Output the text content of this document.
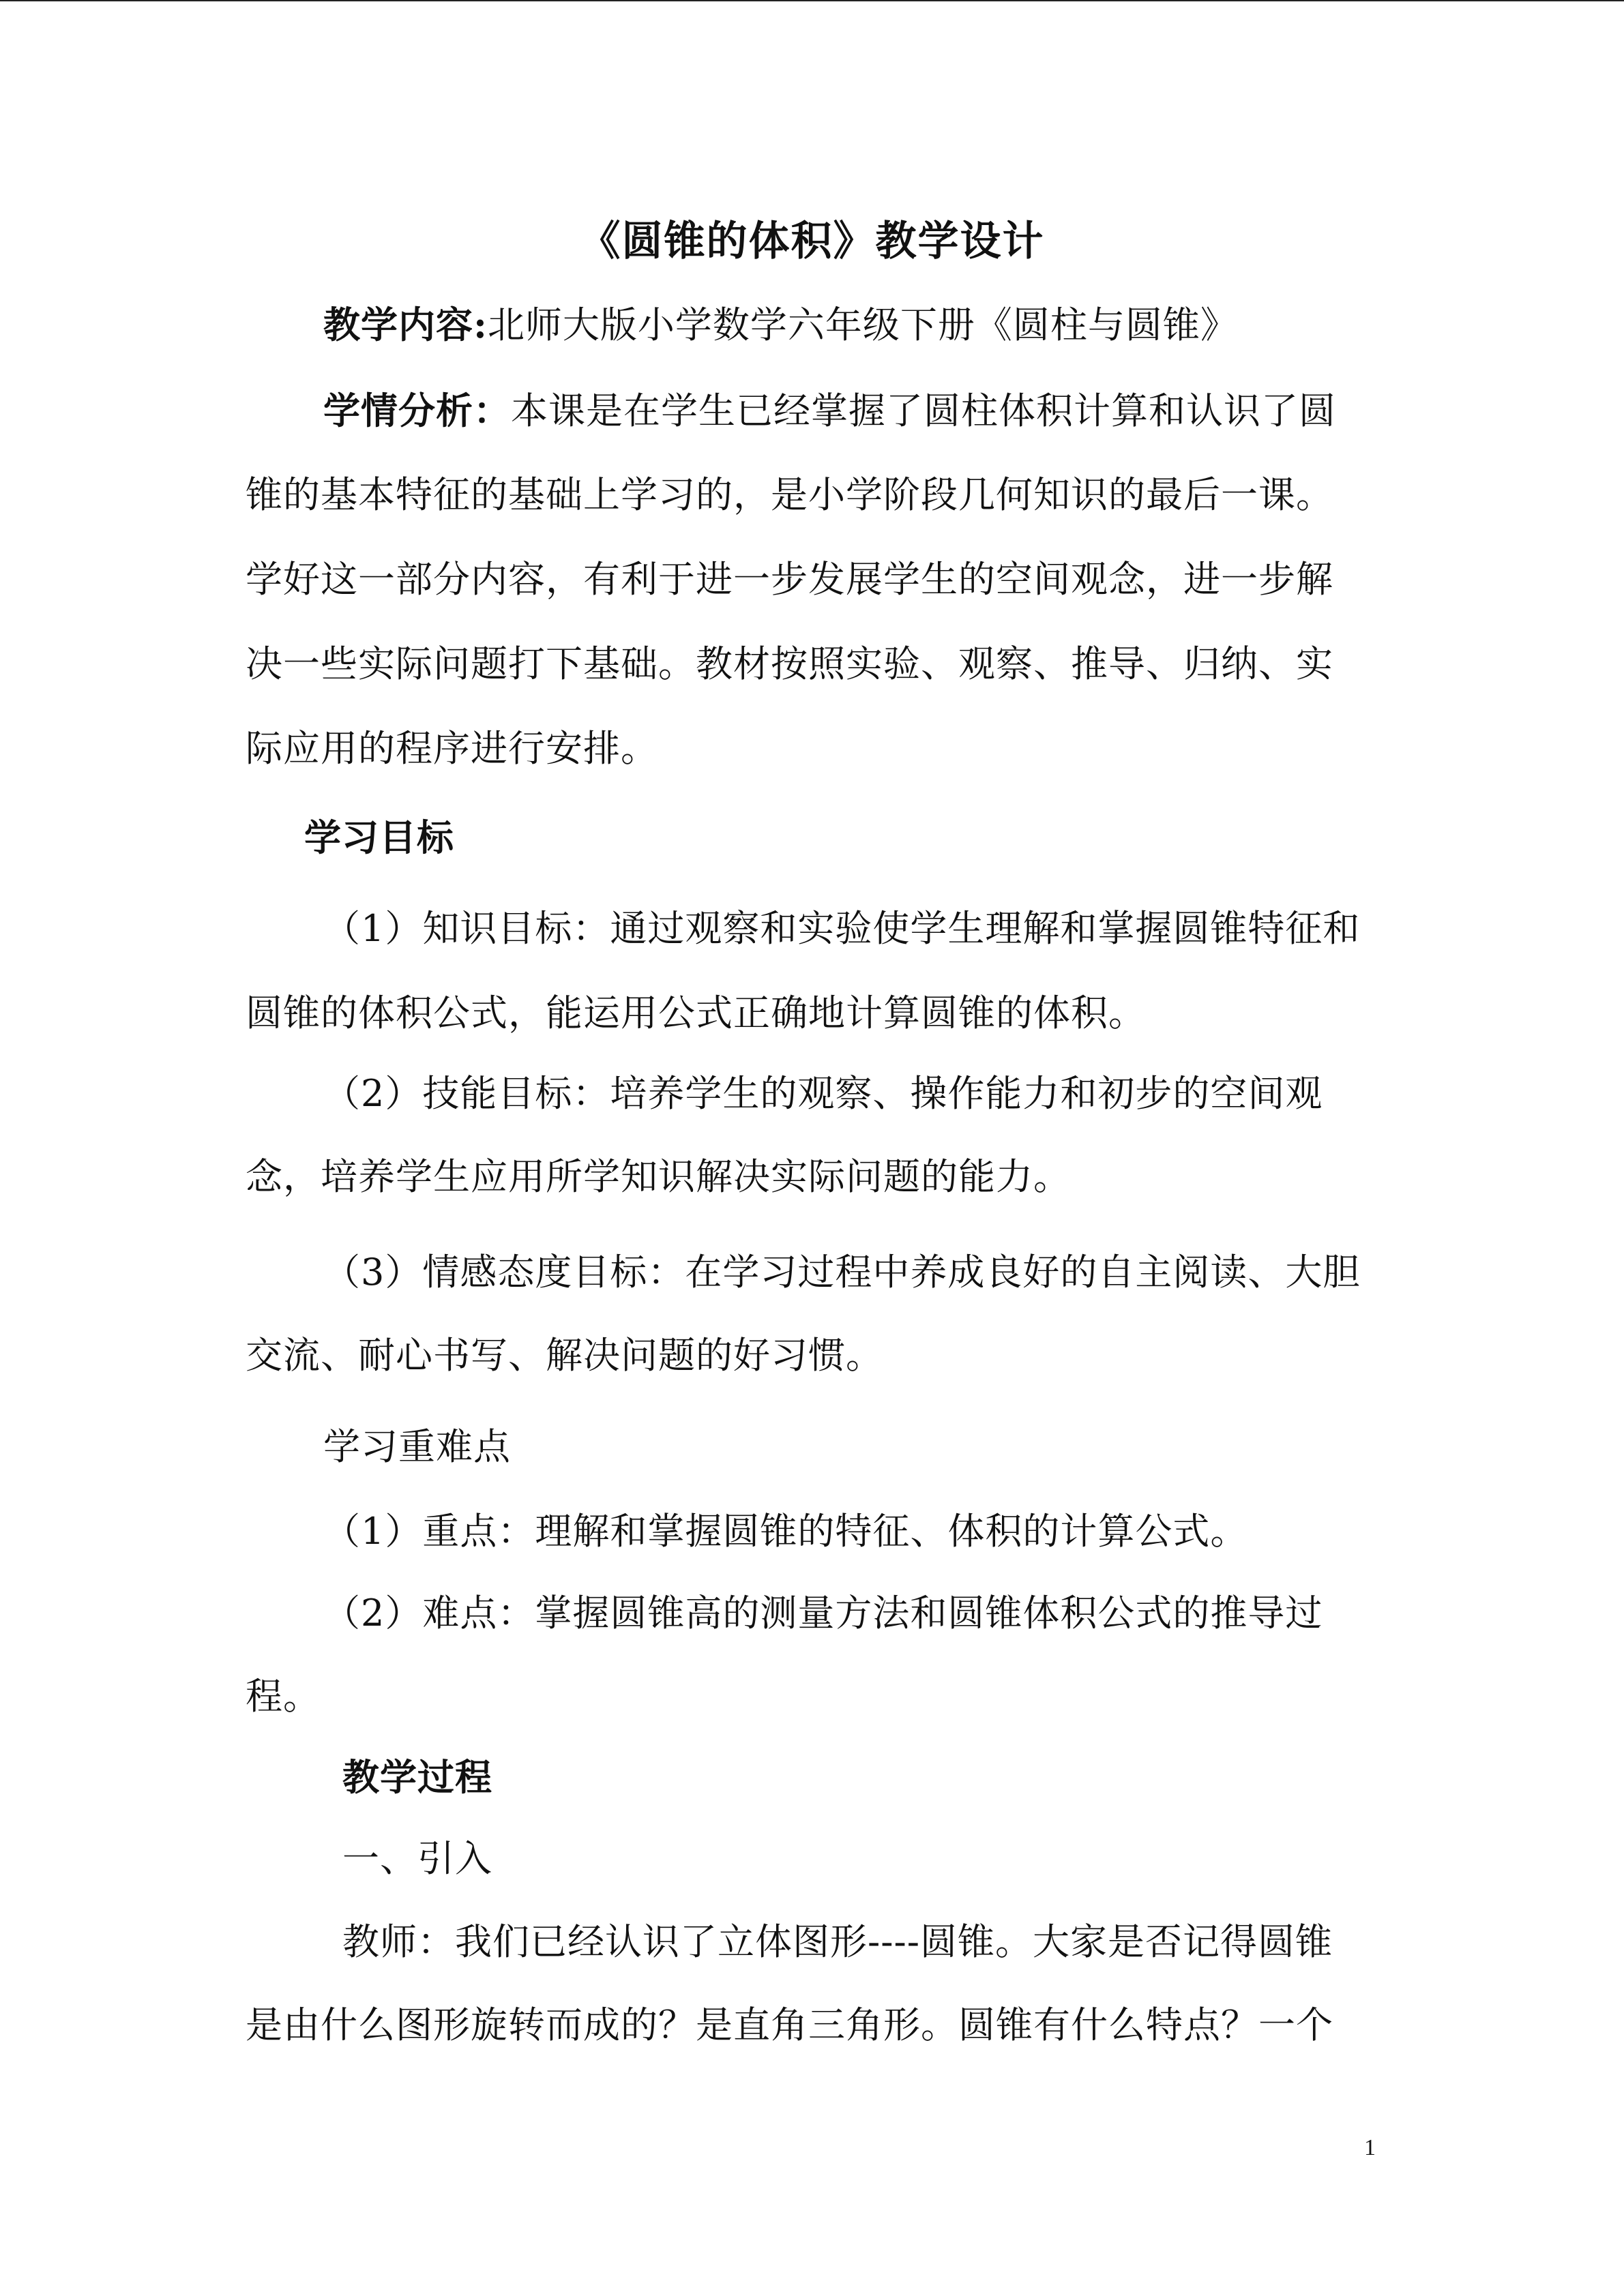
《圆锥的体积》教学设计
教学内容:北师大版小学数学六年级下册《圆柱与圆锥》
学情分析：本课是在学生已经掌握了圆柱体积计算和认识了圆
锥的基本特征的基础上学习的，是小学阶段几何知识的最后一课。
学好这一部分内容，有利于进一步发展学生的空间观念，进一步解
决一些实际问题打下基础。教材按照实验、观察、推导、归纳、实
际应用的程序进行安排。
学习目标
（1）知识目标：通过观察和实验使学生理解和掌握圆锥特征和
圆锥的体积公式，能运用公式正确地计算圆锥的体积。
（2）技能目标：培养学生的观察、操作能力和初步的空间观
念，培养学生应用所学知识解决实际问题的能力。
（3）情感态度目标：在学习过程中养成良好的自主阅读、大胆
交流、耐心书写、解决问题的好习惯。
学习重难点
（1）重点：理解和掌握圆锥的特征、体积的计算公式。
（2）难点：掌握圆锥高的测量方法和圆锥体积公式的推导过
程。
教学过程
一、引入
教师：我们已经认识了立体图形----圆锥。大家是否记得圆锥
是由什么图形旋转而成的？是直角三角形。圆锥有什么特点？一个
1
